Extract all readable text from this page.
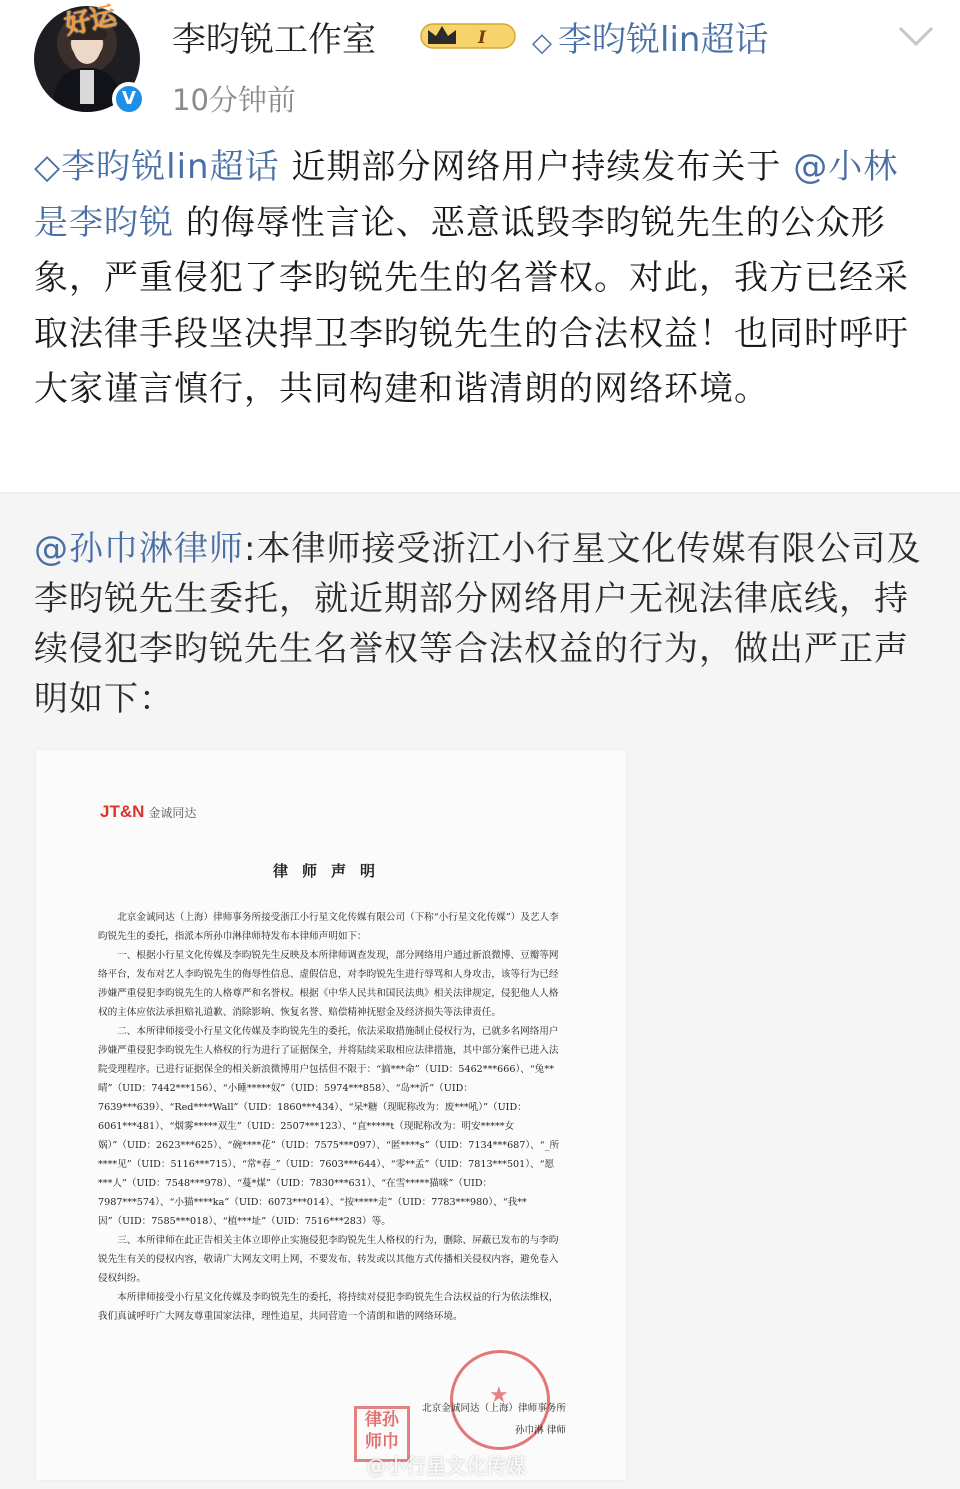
好运
V
李昀锐工作室	I ◇ 李昀锐lin超话
10分钟前
◇李昀锐lin超话 近期部分网络用户持续发布关于 @小林是李昀锐 的侮辱性言论、恶意诋毁李昀锐先生的公众形象，严重侵犯了李昀锐先生的名誉权。对此，我方已经采取法律手段坚决捍卫李昀锐先生的合法权益！也同时呼吁大家谨言慎行，共同构建和谐清朗的网络环境。
@孙巾淋律师:本律师接受浙江小行星文化传媒有限公司及李昀锐先生委托，就近期部分网络用户无视法律底线，持续侵犯李昀锐先生名誉权等合法权益的行为，做出严正声明如下：
JT&N 金诚同达
律师声明

北京金诚同达（上海）律师事务所接受浙江小行星文化传媒有限公司（下称“小行星文化传媒”）及艺人李昀锐先生的委托，指派本所孙巾淋律师特发布本律师声明如下：

一、根据小行星文化传媒及李昀锐先生反映及本所律师调查发现，部分网络用户通过新浪微博、豆瓣等网络平台，发布对艺人李昀锐先生的侮辱性信息、虚假信息，对李昀锐先生进行辱骂和人身攻击，该等行为已经涉嫌严重侵犯李昀锐先生的人格尊严和名誉权。根据《中华人民共和国民法典》相关法律规定，侵犯他人人格权的主体应依法承担赔礼道歉、消除影响、恢复名誉、赔偿精神抚慰金及经济损失等法律责任。

二、本所律师接受小行星文化传媒及李昀锐先生的委托，依法采取措施制止侵权行为，已就多名网络用户涉嫌严重侵犯李昀锐先生人格权的行为进行了证据保全，并将陆续采取相应法律措施，其中部分案件已进入法院受理程序。已进行证据保全的相关新浪微博用户包括但不限于：“搞***命”（UID：5462***666）、“兔**晴”（UID：7442***156）、“小睡*****奴”（UID：5974***858）、“岛**沂”（UID：7639***639）、“Red****Wall”（UID：1860***434）、“呆*糖（现昵称改为：废***吼）”（UID：6061***481）、“烟雾*****双生”（UID：2507***123）、“直*****t（现昵称改为：明安*****女娲）”（UID：2623***625）、“碗****花”（UID：7575***097）、“匿****s”（UID：7134***687）、“_所****见”（UID：5116***715）、“常*春_”（UID：7603***644）、“零**孟”（UID：7813***501）、“愿***人”（UID：7548***978）、“蔓*煤”（UID：7830***631）、“在雪*****猫咪”（UID：7987***574）、“小猫****ka”（UID：6073***014）、“按*****走”（UID：7783***980）、“我**因”（UID：7585***018）、“植***址”（UID：7516***283）等。

三、本所律师在此正告相关主体立即停止实施侵犯李昀锐先生人格权的行为，删除、屏蔽已发布的与李昀锐先生有关的侵权内容，敬请广大网友文明上网，不要发布、转发或以其他方式传播相关侵权内容，避免卷入侵权纠纷。

本所律师接受小行星文化传媒及李昀锐先生的委托，将持续对侵犯李昀锐先生合法权益的行为依法维权，我们真诚呼吁广大网友尊重国家法律，理性追星，共同营造一个清朗和谐的网络环境。

★
律孙师巾
北京金诚同达（上海）律师事务所
孙巾淋 律师
@小行星文化传媒
